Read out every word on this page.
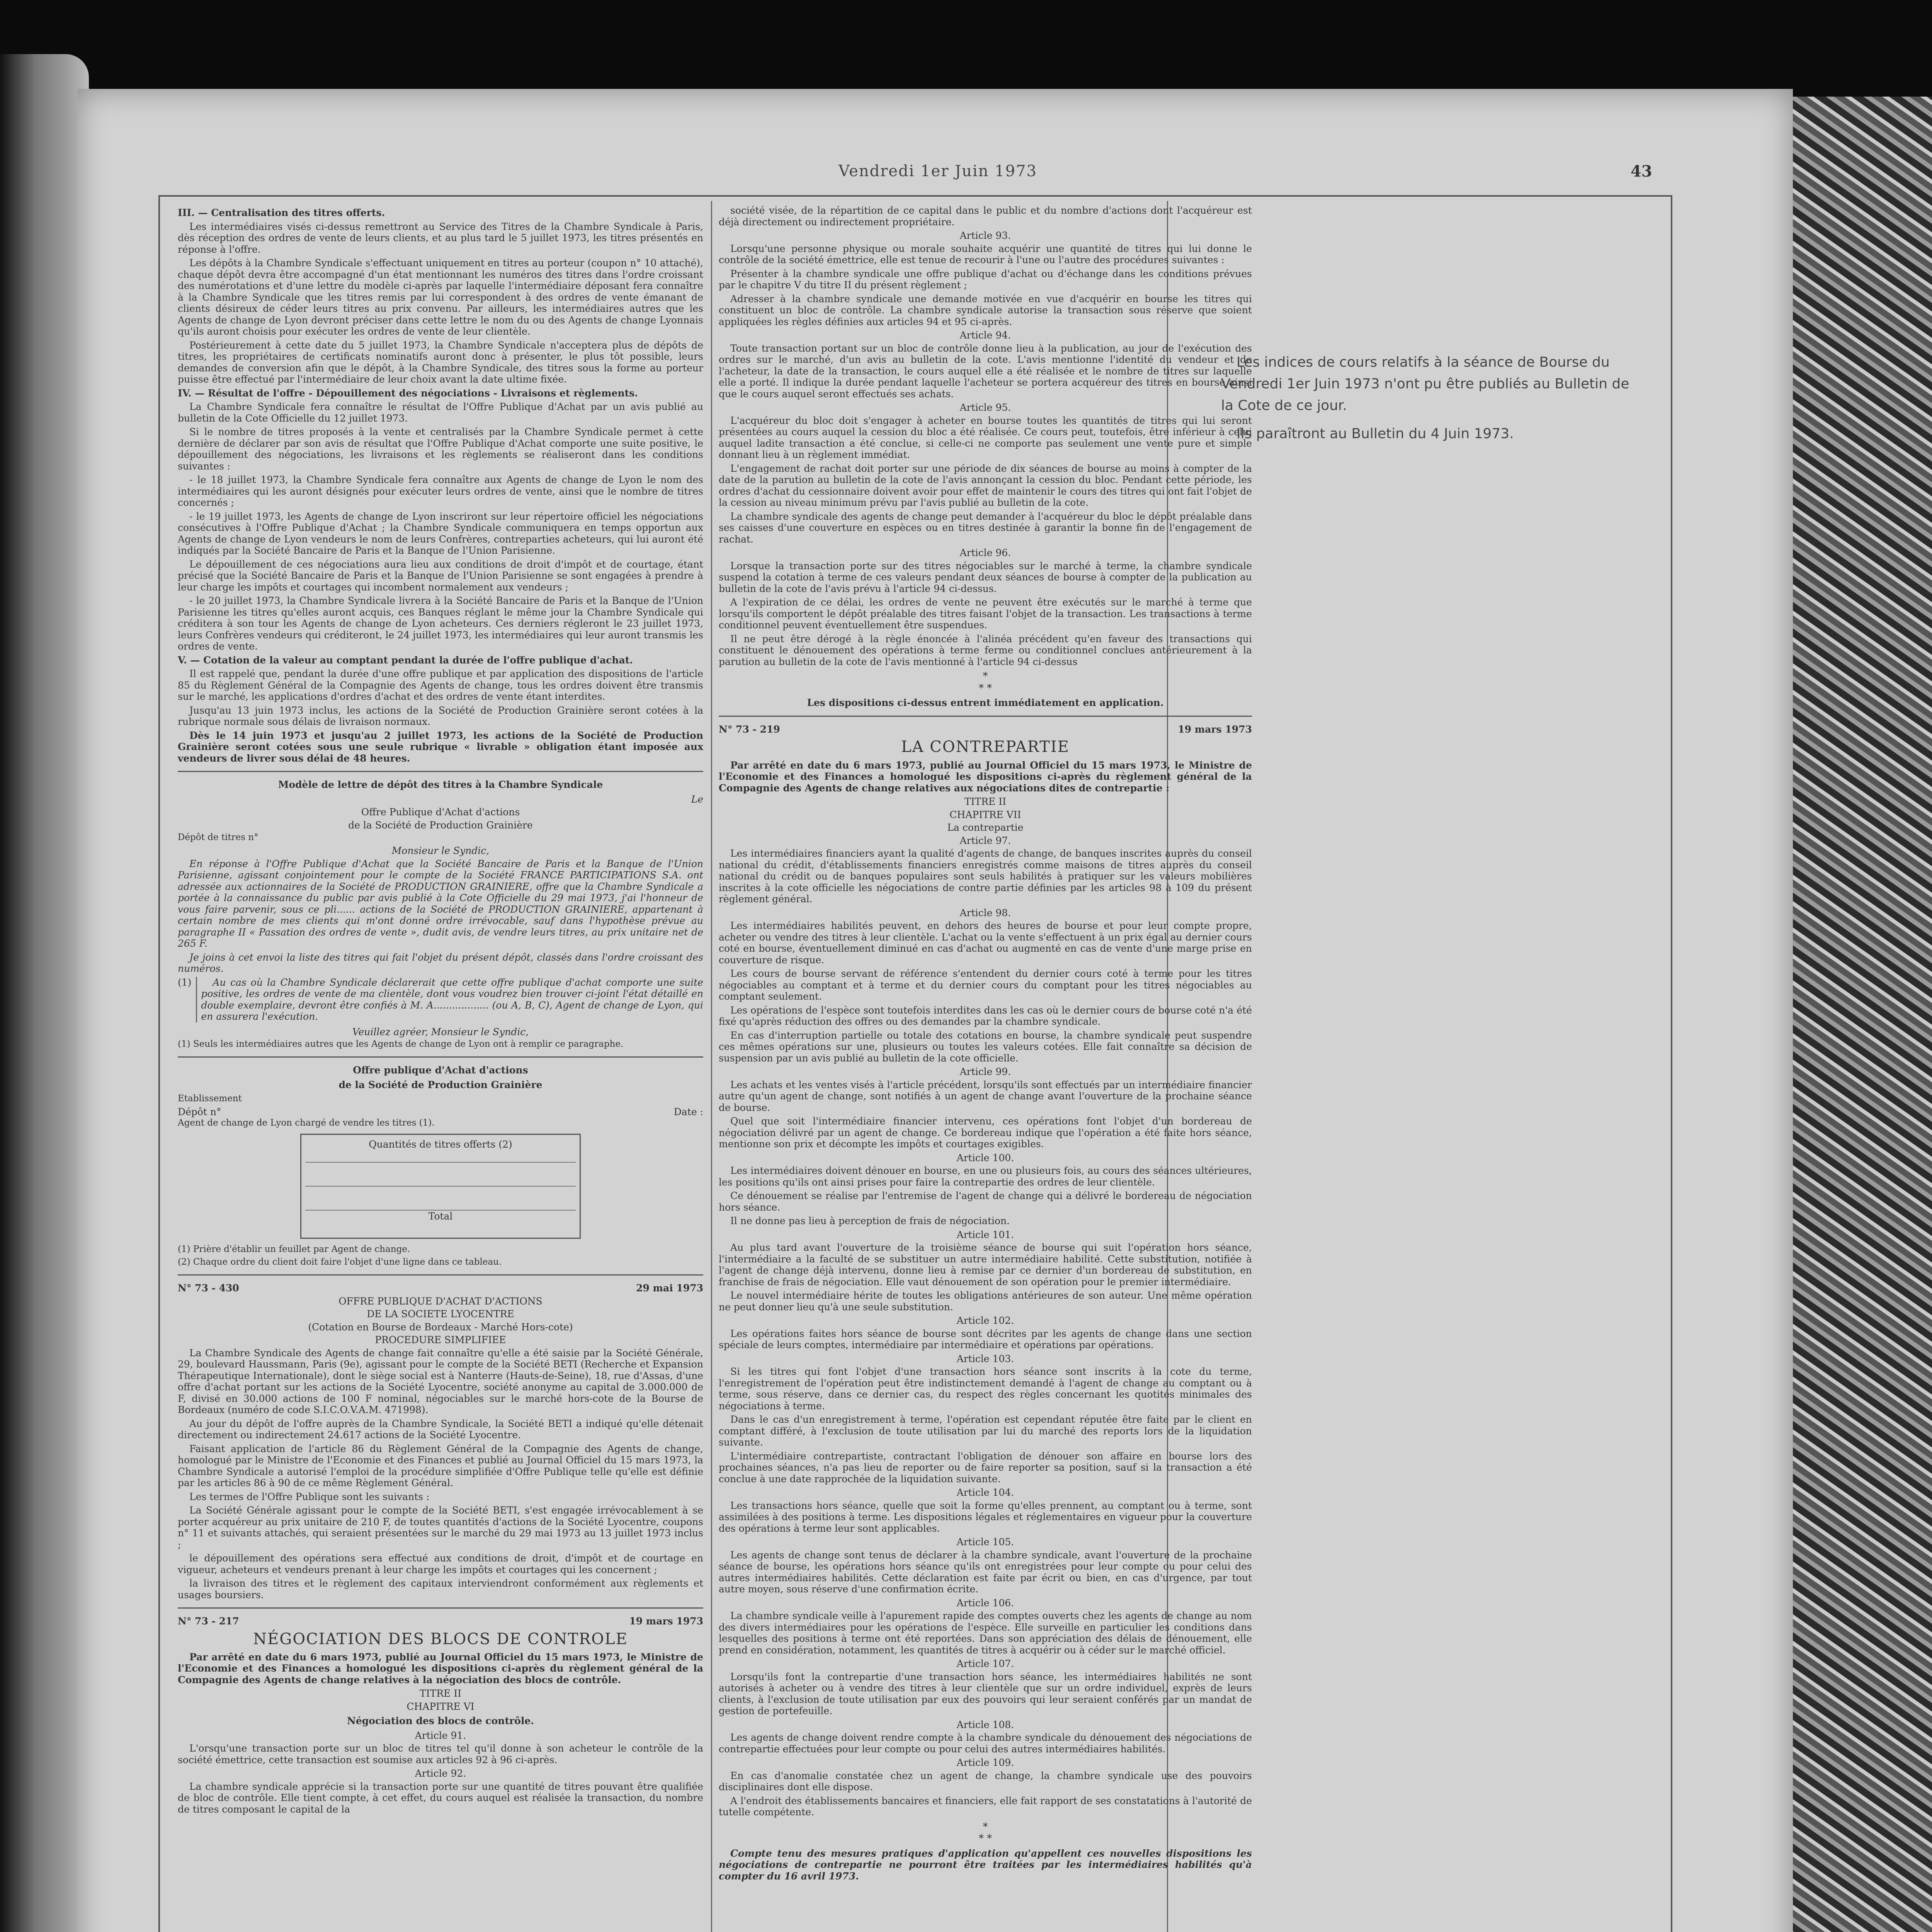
Vendredi 1er Juin 1973	43

III. — Centralisation des titres offerts.

Les intermédiaires visés ci-dessus remettront au Service des Titres de la Chambre Syndicale à Paris, dès réception des ordres de vente de leurs clients, et au plus tard le 5 juillet 1973, les titres présentés en réponse à l'offre.

Les dépôts à la Chambre Syndicale s'effectuant uniquement en titres au porteur (coupon n° 10 attaché), chaque dépôt devra être accompagné d'un état mentionnant les numéros des titres dans l'ordre croissant des numérotations et d'une lettre du modèle ci-après par laquelle l'intermédiaire déposant fera connaître à la Chambre Syndicale que les titres remis par lui correspondent à des ordres de vente émanant de clients désireux de céder leurs titres au prix convenu. Par ailleurs, les intermédiaires autres que les Agents de change de Lyon devront préciser dans cette lettre le nom du ou des Agents de change Lyonnais qu'ils auront choisis pour exécuter les ordres de vente de leur clientèle.

Postérieurement à cette date du 5 juillet 1973, la Chambre Syndicale n'acceptera plus de dépôts de titres, les propriétaires de certificats nominatifs auront donc à présenter, le plus tôt possible, leurs demandes de conversion afin que le dépôt, à la Chambre Syndicale, des titres sous la forme au porteur puisse être effectué par l'intermédiaire de leur choix avant la date ultime fixée.

IV. — Résultat de l'offre - Dépouillement des négociations - Livraisons et règlements.

La Chambre Syndicale fera connaître le résultat de l'Offre Publique d'Achat par un avis publié au bulletin de la Cote Officielle du 12 juillet 1973.

Si le nombre de titres proposés à la vente et centralisés par la Chambre Syndicale permet à cette dernière de déclarer par son avis de résultat que l'Offre Publique d'Achat comporte une suite positive, le dépouillement des négociations, les livraisons et les règlements se réaliseront dans les conditions suivantes :

- le 18 juillet 1973, la Chambre Syndicale fera connaître aux Agents de change de Lyon le nom des intermédiaires qui les auront désignés pour exécuter leurs ordres de vente, ainsi que le nombre de titres concernés ;

- le 19 juillet 1973, les Agents de change de Lyon inscriront sur leur répertoire officiel les négociations consécutives à l'Offre Publique d'Achat ; la Chambre Syndicale communiquera en temps opportun aux Agents de change de Lyon vendeurs le nom de leurs Confrères, contreparties acheteurs, qui lui auront été indiqués par la Société Bancaire de Paris et la Banque de l'Union Parisienne.

Le dépouillement de ces négociations aura lieu aux conditions de droit d'impôt et de courtage, étant précisé que la Société Bancaire de Paris et la Banque de l'Union Parisienne se sont engagées à prendre à leur charge les impôts et courtages qui incombent normalement aux vendeurs ;

- le 20 juillet 1973, la Chambre Syndicale livrera à la Société Bancaire de Paris et la Banque de l'Union Parisienne les titres qu'elles auront acquis, ces Banques réglant le même jour la Chambre Syndicale qui créditera à son tour les Agents de change de Lyon acheteurs. Ces derniers régleront le 23 juillet 1973, leurs Confrères vendeurs qui créditeront, le 24 juillet 1973, les intermédiaires qui leur auront transmis les ordres de vente.

V. — Cotation de la valeur au comptant pendant la durée de l'offre publique d'achat.

Il est rappelé que, pendant la durée d'une offre publique et par application des dispositions de l'article 85 du Règlement Général de la Compagnie des Agents de change, tous les ordres doivent être transmis sur le marché, les applications d'ordres d'achat et des ordres de vente étant interdites.

Jusqu'au 13 juin 1973 inclus, les actions de la Société de Production Grainière seront cotées à la rubrique normale sous délais de livraison normaux.

Dès le 14 juin 1973 et jusqu'au 2 juillet 1973, les actions de la Société de Production Grainière seront cotées sous une seule rubrique « livrable » obligation étant imposée aux vendeurs de livrer sous délai de 48 heures.

Modèle de lettre de dépôt des titres à la Chambre Syndicale

Le

Offre Publique d'Achat d'actions

de la Société de Production Grainière

Dépôt de titres n°

Monsieur le Syndic,

En réponse à l'Offre Publique d'Achat que la Société Bancaire de Paris et la Banque de l'Union Parisienne, agissant conjointement pour le compte de la Société FRANCE PARTICIPATIONS S.A. ont adressée aux actionnaires de la Société de PRODUCTION GRAINIERE, offre que la Chambre Syndicale a portée à la connaissance du public par avis publié à la Cote Officielle du 29 mai 1973, j'ai l'honneur de vous faire parvenir, sous ce pli...... actions de la Société de PRODUCTION GRAINIERE, appartenant à certain nombre de mes clients qui m'ont donné ordre irrévocable, sauf dans l'hypothèse prévue au paragraphe II « Passation des ordres de vente », dudit avis, de vendre leurs titres, au prix unitaire net de 265 F.

Je joins à cet envoi la liste des titres qui fait l'objet du présent dépôt, classés dans l'ordre croissant des numéros.

(1)	Au cas où la Chambre Syndicale déclarerait que cette offre publique d'achat comporte une suite positive, les ordres de vente de ma clientèle, dont vous voudrez bien trouver ci-joint l'état détaillé en double exemplaire, devront être confiés à M. A.................. (ou A, B, C), Agent de change de Lyon, qui en assurera l'exécution.

Veuillez agréer, Monsieur le Syndic,

(1) Seuls les intermédiaires autres que les Agents de change de Lyon ont à remplir ce paragraphe.

Offre publique d'Achat d'actions

de la Société de Production Grainière

Etablissement

Dépôt n°	Date :

Agent de change de Lyon chargé de vendre les titres (1).

Quantités de titres offerts (2)
Total

(1) Prière d'établir un feuillet par Agent de change.

(2) Chaque ordre du client doit faire l'objet d'une ligne dans ce tableau.

N° 73 - 430	29 mai 1973

OFFRE PUBLIQUE D'ACHAT D'ACTIONS

DE LA SOCIETE LYOCENTRE

(Cotation en Bourse de Bordeaux - Marché Hors-cote)

PROCEDURE SIMPLIFIEE

La Chambre Syndicale des Agents de change fait connaître qu'elle a été saisie par la Société Générale, 29, boulevard Haussmann, Paris (9e), agissant pour le compte de la Société BETI (Recherche et Expansion Thérapeutique Internationale), dont le siège social est à Nanterre (Hauts-de-Seine), 18, rue d'Assas, d'une offre d'achat portant sur les actions de la Société Lyocentre, société anonyme au capital de 3.000.000 de F, divisé en 30.000 actions de 100 F nominal, négociables sur le marché hors-cote de la Bourse de Bordeaux (numéro de code S.I.C.O.V.A.M. 471998).

Au jour du dépôt de l'offre auprès de la Chambre Syndicale, la Société BETI a indiqué qu'elle détenait directement ou indirectement 24.617 actions de la Société Lyocentre.

Faisant application de l'article 86 du Règlement Général de la Compagnie des Agents de change, homologué par le Ministre de l'Economie et des Finances et publié au Journal Officiel du 15 mars 1973, la Chambre Syndicale a autorisé l'emploi de la procédure simplifiée d'Offre Publique telle qu'elle est définie par les articles 86 à 90 de ce même Règlement Général.

Les termes de l'Offre Publique sont les suivants :

La Société Générale agissant pour le compte de la Société BETI, s'est engagée irrévocablement à se porter acquéreur au prix unitaire de 210 F, de toutes quantités d'actions de la Société Lyocentre, coupons n° 11 et suivants attachés, qui seraient présentées sur le marché du 29 mai 1973 au 13 juillet 1973 inclus ;

le dépouillement des opérations sera effectué aux conditions de droit, d'impôt et de courtage en vigueur, acheteurs et vendeurs prenant à leur charge les impôts et courtages qui les concernent ;

la livraison des titres et le règlement des capitaux interviendront conformément aux règlements et usages boursiers.

N° 73 - 217	19 mars 1973

NÉGOCIATION DES BLOCS DE CONTROLE

Par arrêté en date du 6 mars 1973, publié au Journal Officiel du 15 mars 1973, le Ministre de l'Economie et des Finances a homologué les dispositions ci-après du règlement général de la Compagnie des Agents de change relatives à la négociation des blocs de contrôle.

TITRE II

CHAPITRE VI

Négociation des blocs de contrôle.

Article 91.

L'orsqu'une transaction porte sur un bloc de titres tel qu'il donne à son acheteur le contrôle de la société émettrice, cette transaction est soumise aux articles 92 à 96 ci-après.

Article 92.

La chambre syndicale apprécie si la transaction porte sur une quantité de titres pouvant être qualifiée de bloc de contrôle. Elle tient compte, à cet effet, du cours auquel est réalisée la transaction, du nombre de titres composant le capital de la

société visée, de la répartition de ce capital dans le public et du nombre d'actions dont l'acquéreur est déjà directement ou indirectement propriétaire.

Article 93.

Lorsqu'une personne physique ou morale souhaite acquérir une quantité de titres qui lui donne le contrôle de la société émettrice, elle est tenue de recourir à l'une ou l'autre des procédures suivantes :

Présenter à la chambre syndicale une offre publique d'achat ou d'échange dans les conditions prévues par le chapitre V du titre II du présent règlement ;

Adresser à la chambre syndicale une demande motivée en vue d'acquérir en bourse les titres qui constituent un bloc de contrôle. La chambre syndicale autorise la transaction sous réserve que soient appliquées les règles définies aux articles 94 et 95 ci-après.

Article 94.

Toute transaction portant sur un bloc de contrôle donne lieu à la publication, au jour de l'exécution des ordres sur le marché, d'un avis au bulletin de la cote. L'avis mentionne l'identité du vendeur et de l'acheteur, la date de la transaction, le cours auquel elle a été réalisée et le nombre de titres sur laquelle elle a porté. Il indique la durée pendant laquelle l'acheteur se portera acquéreur des titres en bourse ainsi que le cours auquel seront effectués ses achats.

Article 95.

L'acquéreur du bloc doit s'engager à acheter en bourse toutes les quantités de titres qui lui seront présentées au cours auquel la cession du bloc a été réalisée. Ce cours peut, toutefois, être inférieur à celui auquel ladite transaction a été conclue, si celle-ci ne comporte pas seulement une vente pure et simple donnant lieu à un règlement immédiat.

L'engagement de rachat doit porter sur une période de dix séances de bourse au moins à compter de la date de la parution au bulletin de la cote de l'avis annonçant la cession du bloc. Pendant cette période, les ordres d'achat du cessionnaire doivent avoir pour effet de maintenir le cours des titres qui ont fait l'objet de la cession au niveau minimum prévu par l'avis publié au bulletin de la cote.

La chambre syndicale des agents de change peut demander à l'acquéreur du bloc le dépôt préalable dans ses caisses d'une couverture en espèces ou en titres destinée à garantir la bonne fin de l'engagement de rachat.

Article 96.

Lorsque la transaction porte sur des titres négociables sur le marché à terme, la chambre syndicale suspend la cotation à terme de ces valeurs pendant deux séances de bourse à compter de la publication au bulletin de la cote de l'avis prévu à l'article 94 ci-dessus.

A l'expiration de ce délai, les ordres de vente ne peuvent être exécutés sur le marché à terme que lorsqu'ils comportent le dépôt préalable des titres faisant l'objet de la transaction. Les transactions à terme conditionnel peuvent éventuellement être suspendues.

Il ne peut être dérogé à la règle énoncée à l'alinéa précédent qu'en faveur des transactions qui constituent le dénouement des opérations à terme ferme ou conditionnel conclues antérieurement à la parution au bulletin de la cote de l'avis mentionné à l'article 94 ci-dessus

*
* *

Les dispositions ci-dessus entrent immédiatement en application.

N° 73 - 219	19 mars 1973

LA CONTREPARTIE

Par arrêté en date du 6 mars 1973, publié au Journal Officiel du 15 mars 1973, le Ministre de l'Economie et des Finances a homologué les dispositions ci-après du règlement général de la Compagnie des Agents de change relatives aux négociations dites de contrepartie :

TITRE II

CHAPITRE VII

La contrepartie

Article 97.

Les intermédiaires financiers ayant la qualité d'agents de change, de banques inscrites auprès du conseil national du crédit, d'établissements financiers enregistrés comme maisons de titres auprès du conseil national du crédit ou de banques populaires sont seuls habilités à pratiquer sur les valeurs mobilières inscrites à la cote officielle les négociations de contre partie définies par les articles 98 à 109 du présent règlement général.

Article 98.

Les intermédiaires habilités peuvent, en dehors des heures de bourse et pour leur compte propre, acheter ou vendre des titres à leur clientèle. L'achat ou la vente s'effectuent à un prix égal au dernier cours coté en bourse, éventuellement diminué en cas d'achat ou augmenté en cas de vente d'une marge prise en couverture de risque.

Les cours de bourse servant de référence s'entendent du dernier cours coté à terme pour les titres négociables au comptant et à terme et du dernier cours du comptant pour les titres négociables au comptant seulement.

Les opérations de l'espèce sont toutefois interdites dans les cas où le dernier cours de bourse coté n'a été fixé qu'après réduction des offres ou des demandes par la chambre syndicale.

En cas d'interruption partielle ou totale des cotations en bourse, la chambre syndicale peut suspendre ces mêmes opérations sur une, plusieurs ou toutes les valeurs cotées. Elle fait connaître sa décision de suspension par un avis publié au bulletin de la cote officielle.

Article 99.

Les achats et les ventes visés à l'article précédent, lorsqu'ils sont effectués par un intermédiaire financier autre qu'un agent de change, sont notifiés à un agent de change avant l'ouverture de la prochaine séance de bourse.

Quel que soit l'intermédiaire financier intervenu, ces opérations font l'objet d'un bordereau de négociation délivré par un agent de change. Ce bordereau indique que l'opération a été faite hors séance, mentionne son prix et décompte les impôts et courtages exigibles.

Article 100.

Les intermédiaires doivent dénouer en bourse, en une ou plusieurs fois, au cours des séances ultérieures, les positions qu'ils ont ainsi prises pour faire la contrepartie des ordres de leur clientèle.

Ce dénouement se réalise par l'entremise de l'agent de change qui a délivré le bordereau de négociation hors séance.

Il ne donne pas lieu à perception de frais de négociation.

Article 101.

Au plus tard avant l'ouverture de la troisième séance de bourse qui suit l'opération hors séance, l'intermédiaire a la faculté de se substituer un autre intermédiaire habilité. Cette substitution, notifiée à l'agent de change déjà intervenu, donne lieu à remise par ce dernier d'un bordereau de substitution, en franchise de frais de négociation. Elle vaut dénouement de son opération pour le premier intermédiaire.

Le nouvel intermédiaire hérite de toutes les obligations antérieures de son auteur. Une même opération ne peut donner lieu qu'à une seule substitution.

Article 102.

Les opérations faites hors séance de bourse sont décrites par les agents de change dans une section spéciale de leurs comptes, intermédiaire par intermédiaire et opérations par opérations.

Article 103.

Si les titres qui font l'objet d'une transaction hors séance sont inscrits à la cote du terme, l'enregistrement de l'opération peut être indistinctement demandé à l'agent de change au comptant ou à terme, sous réserve, dans ce dernier cas, du respect des règles concernant les quotités minimales des négociations à terme.

Dans le cas d'un enregistrement à terme, l'opération est cependant réputée être faite par le client en comptant différé, à l'exclusion de toute utilisation par lui du marché des reports lors de la liquidation suivante.

L'intermédiaire contrepartiste, contractant l'obligation de dénouer son affaire en bourse lors des prochaines séances, n'a pas lieu de reporter ou de faire reporter sa position, sauf si la transaction a été conclue à une date rapprochée de la liquidation suivante.

Article 104.

Les transactions hors séance, quelle que soit la forme qu'elles prennent, au comptant ou à terme, sont assimilées à des positions à terme. Les dispositions légales et réglementaires en vigueur pour la couverture des opérations à terme leur sont applicables.

Article 105.

Les agents de change sont tenus de déclarer à la chambre syndicale, avant l'ouverture de la prochaine séance de bourse, les opérations hors séance qu'ils ont enregistrées pour leur compte ou pour celui des autres intermédiaires habilités. Cette déclaration est faite par écrit ou bien, en cas d'urgence, par tout autre moyen, sous réserve d'une confirmation écrite.

Article 106.

La chambre syndicale veille à l'apurement rapide des comptes ouverts chez les agents de change au nom des divers intermédiaires pour les opérations de l'espèce. Elle surveille en particulier les conditions dans lesquelles des positions à terme ont été reportées. Dans son appréciation des délais de dénouement, elle prend en considération, notamment, les quantités de titres à acquérir ou à céder sur le marché officiel.

Article 107.

Lorsqu'ils font la contrepartie d'une transaction hors séance, les intermédiaires habilités ne sont autorisés à acheter ou à vendre des titres à leur clientèle que sur un ordre individuel, exprès de leurs clients, à l'exclusion de toute utilisation par eux des pouvoirs qui leur seraient conférés par un mandat de gestion de portefeuille.

Article 108.

Les agents de change doivent rendre compte à la chambre syndicale du dénouement des négociations de contrepartie effectuées pour leur compte ou pour celui des autres intermédiaires habilités.

Article 109.

En cas d'anomalie constatée chez un agent de change, la chambre syndicale use des pouvoirs disciplinaires dont elle dispose.

A l'endroit des établissements bancaires et financiers, elle fait rapport de ses constatations à l'autorité de tutelle compétente.

*
* *

Compte tenu des mesures pratiques d'application qu'appellent ces nouvelles dispositions les négociations de contrepartie ne pourront être traitées par les intermédiaires habilités qu'à compter du 16 avril 1973.

Les indices de cours relatifs à la séance de Bourse du Vendredi 1er Juin 1973 n'ont pu être publiés au Bulletin de la Cote de ce jour.

Ils paraîtront au Bulletin du 4 Juin 1973.
